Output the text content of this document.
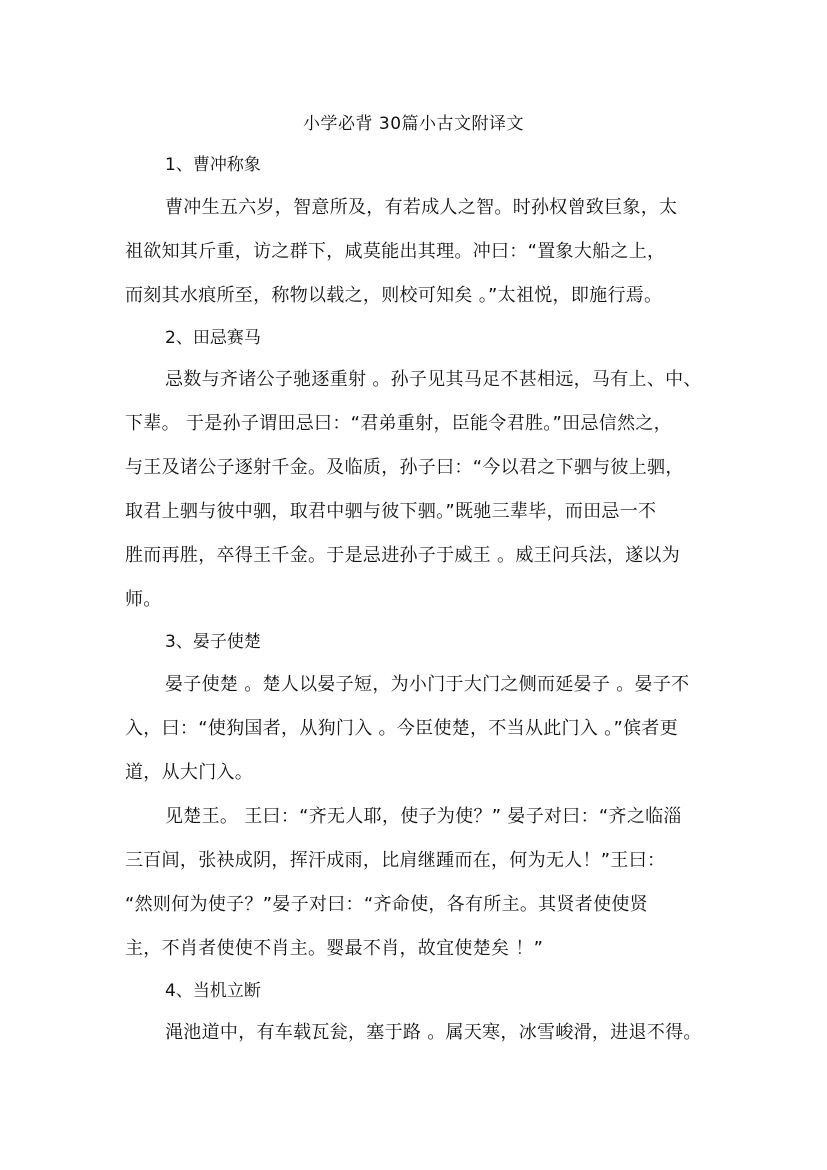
小学必背 30篇小古文附译文
1、曹冲称象
曹冲生五六岁，智意所及，有若成人之智。时孙权曾致巨象，太
祖欲知其斤重，访之群下，咸莫能出其理。冲曰：“置象大船之上，
而刻其水痕所至，称物以载之，则校可知矣 。”太祖悦，即施行焉。
2、田忌赛马
忌数与齐诸公子驰逐重射 。孙子见其马足不甚相远，马有上、中、
下辈。 于是孙子谓田忌曰：“君弟重射，臣能令君胜。”田忌信然之，
与王及诸公子逐射千金。及临质，孙子曰：“今以君之下驷与彼上驷，
取君上驷与彼中驷，取君中驷与彼下驷。”既驰三辈毕，而田忌一不
胜而再胜，卒得王千金。于是忌进孙子于威王 。威王问兵法，遂以为
师。
3、晏子使楚
晏子使楚 。楚人以晏子短，为小门于大门之侧而延晏子 。晏子不
入，曰：“使狗国者，从狗门入 。今臣使楚，不当从此门入 。”傧者更
道，从大门入。
见楚王。 王曰：“齐无人耶，使子为使？” 晏子对曰：“齐之临淄
三百闾，张袂成阴，挥汗成雨，比肩继踵而在，何为无人！”王曰：
“然则何为使子？”晏子对曰：“齐命使，各有所主。其贤者使使贤
主，不肖者使使不肖主。婴最不肖，故宜使楚矣 ！”
4、当机立断
渑池道中，有车载瓦瓮，塞于路 。属天寒，冰雪峻滑，进退不得。
